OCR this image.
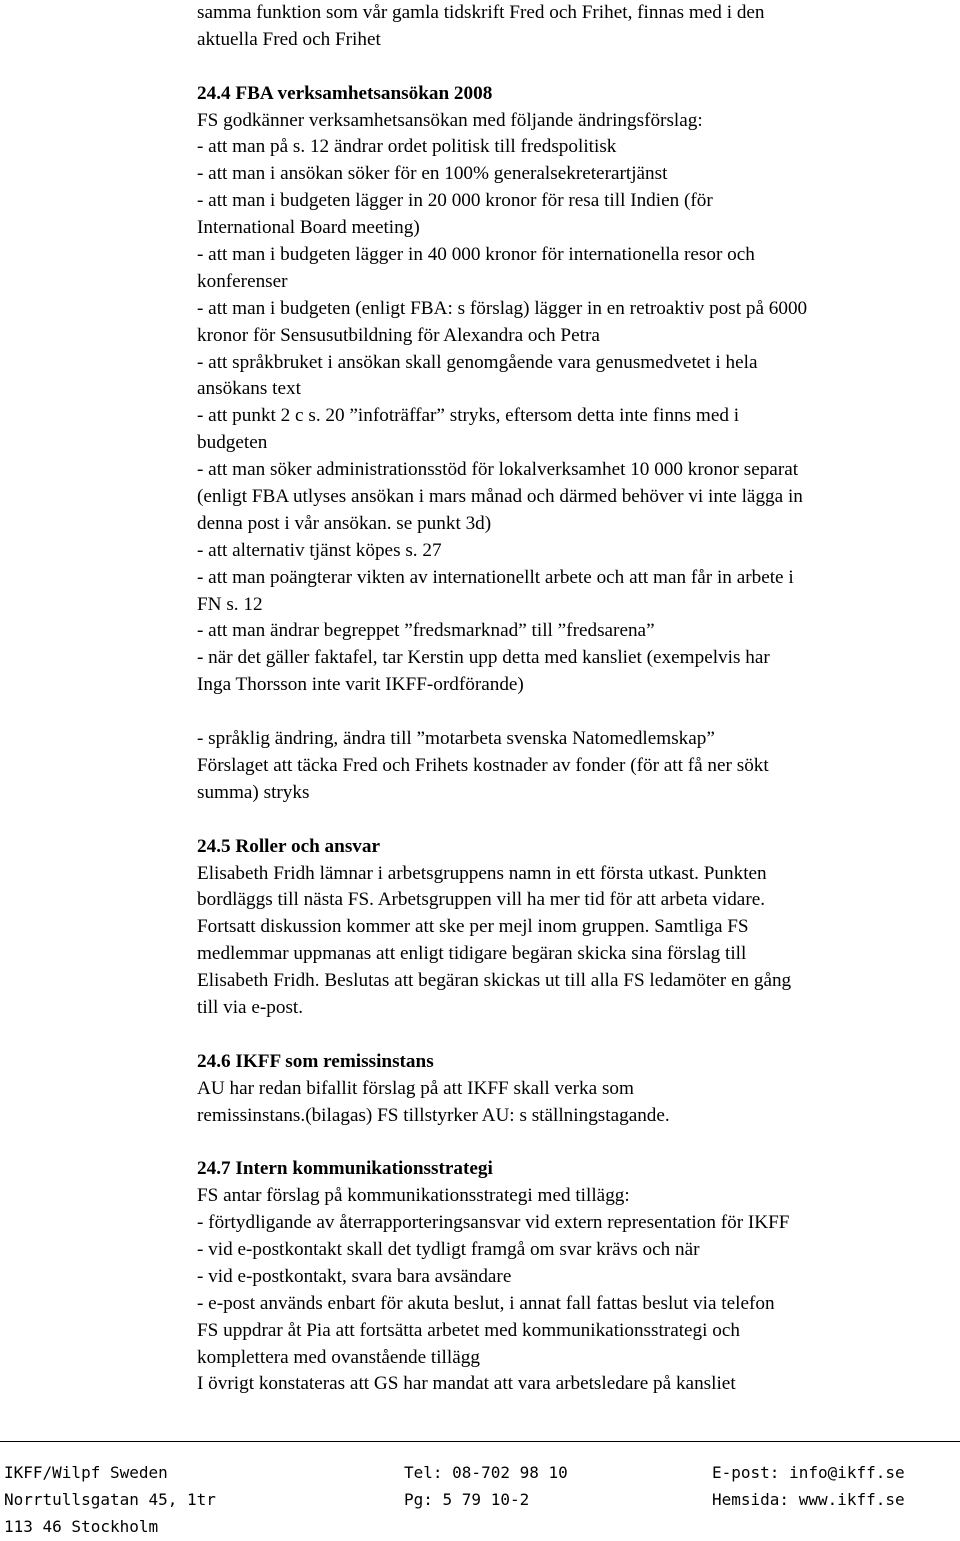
samma funktion som vår gamla tidskrift Fred och Frihet, finnas med i den
aktuella Fred och Frihet
24.4 FBA verksamhetsansökan 2008
FS godkänner verksamhetsansökan med följande ändringsförslag:
- att man på s. 12 ändrar ordet politisk till fredspolitisk
- att man i ansökan söker för en 100% generalsekreterartjänst
- att man i budgeten lägger in 20 000 kronor för resa till Indien (för
International Board meeting)
- att man i budgeten lägger in 40 000 kronor för internationella resor och
konferenser
- att man i budgeten (enligt FBA: s förslag) lägger in en retroaktiv post på 6000
kronor för Sensusutbildning för Alexandra och Petra
- att språkbruket i ansökan skall genomgående vara genusmedvetet i hela
ansökans text
- att punkt 2 c s. 20 ”infoträffar” stryks, eftersom detta inte finns med i
budgeten
- att man söker administrationsstöd för lokalverksamhet 10 000 kronor separat
(enligt FBA utlyses ansökan i mars månad och därmed behöver vi inte lägga in
denna post i vår ansökan. se punkt 3d)
- att alternativ tjänst köpes s. 27
- att man poängterar vikten av internationellt arbete och att man får in arbete i
FN s. 12
- att man ändrar begreppet ”fredsmarknad” till ”fredsarena”
- när det gäller faktafel, tar Kerstin upp detta med kansliet (exempelvis har
Inga Thorsson inte varit IKFF-ordförande)
- språklig ändring, ändra till ”motarbeta svenska Natomedlemskap”
Förslaget att täcka Fred och Frihets kostnader av fonder (för att få ner sökt
summa) stryks
24.5 Roller och ansvar
Elisabeth Fridh lämnar i arbetsgruppens namn in ett första utkast. Punkten
bordläggs till nästa FS. Arbetsgruppen vill ha mer tid för att arbeta vidare.
Fortsatt diskussion kommer att ske per mejl inom gruppen. Samtliga FS
medlemmar uppmanas att enligt tidigare begäran skicka sina förslag till
Elisabeth Fridh. Beslutas att begäran skickas ut till alla FS ledamöter en gång
till via e-post.
24.6 IKFF som remissinstans
AU har redan bifallit förslag på att IKFF skall verka som
remissinstans.(bilagas) FS tillstyrker AU: s ställningstagande.
24.7 Intern kommunikationsstrategi
FS antar förslag på kommunikationsstrategi med tillägg:
- förtydligande av återrapporteringsansvar vid extern representation för IKFF
- vid e-postkontakt skall det tydligt framgå om svar krävs och när
- vid e-postkontakt, svara bara avsändare
- e-post används enbart för akuta beslut, i annat fall fattas beslut via telefon
FS uppdrar åt Pia att fortsätta arbetet med kommunikationsstrategi och
komplettera med ovanstående tillägg
I övrigt konstateras att GS har mandat att vara arbetsledare på kansliet
IKFF/Wilpf Sweden	Tel: 08-702 98 10	E-post: info@ikff.se
Norrtullsgatan 45, 1tr	Pg: 5 79 10-2	Hemsida: www.ikff.se
113 46 Stockholm
